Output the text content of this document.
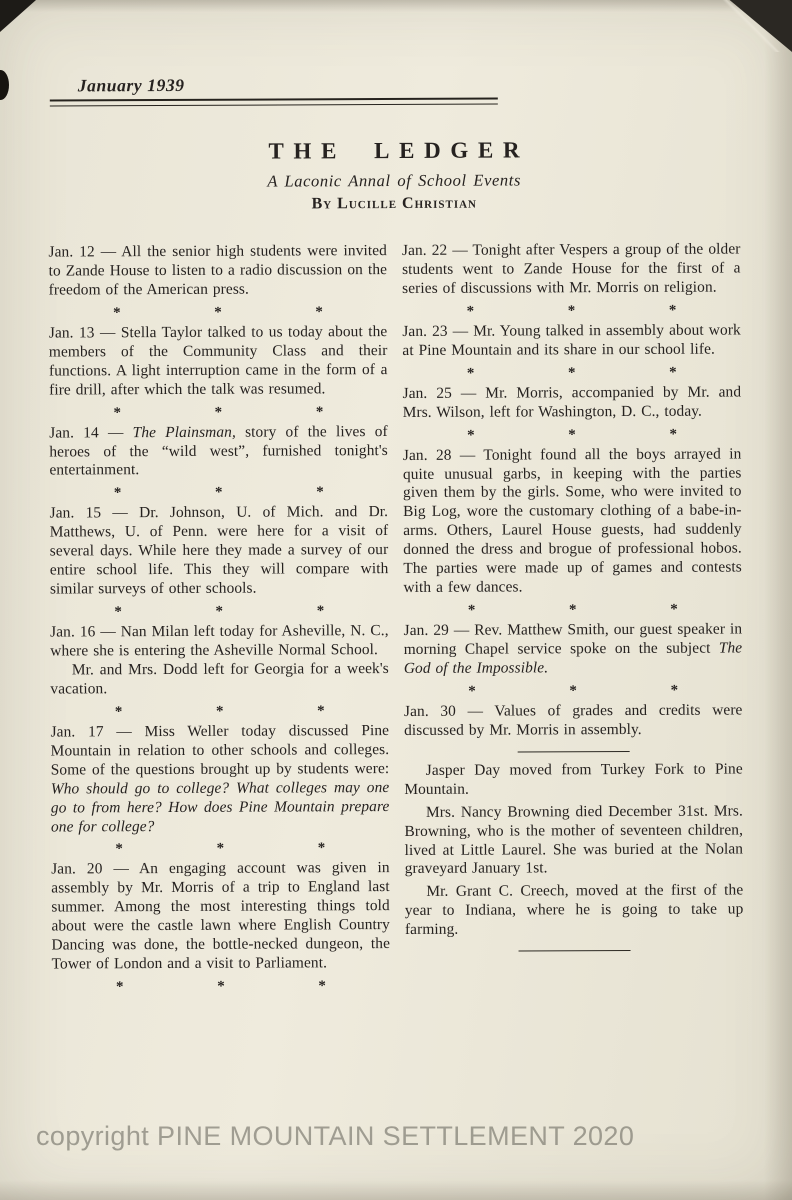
January 1939
THE LEDGER
A Laconic Annal of School Events
By Lucille Christian

Jan. 12 — All the senior high students were invited to Zande House to listen to a radio discussion on the freedom of the American press.

*	*	*

Jan. 13 — Stella Taylor talked to us today about the members of the Community Class and their functions. A light interruption came in the form of a fire drill, after which the talk was resumed.

*	*	*

Jan. 14 — The Plainsman, story of the lives of heroes of the “wild west”, furnished tonight's entertainment.

*	*	*

Jan. 15 — Dr. Johnson, U. of Mich. and Dr. Matthews, U. of Penn. were here for a visit of several days. While here they made a survey of our entire school life. This they will compare with similar surveys of other schools.

*	*	*

Jan. 16 — Nan Milan left today for Asheville, N. C., where she is entering the Asheville Normal School.

Mr. and Mrs. Dodd left for Georgia for a week's vacation.

*	*	*

Jan. 17 — Miss Weller today discussed Pine Mountain in relation to other schools and colleges. Some of the questions brought up by students were: Who should go to college? What colleges may one go to from here? How does Pine Mountain prepare one for college?

*	*	*

Jan. 20 — An engaging account was given in assembly by Mr. Morris of a trip to England last summer. Among the most interesting things told about were the castle lawn where English Country Dancing was done, the bottle-necked dungeon, the Tower of London and a visit to Parliament.

*	*	*

Jan. 22 — Tonight after Vespers a group of the older students went to Zande House for the first of a series of discussions with Mr. Morris on religion.

*	*	*

Jan. 23 — Mr. Young talked in assembly about work at Pine Mountain and its share in our school life.

*	*	*

Jan. 25 — Mr. Morris, accompanied by Mr. and Mrs. Wilson, left for Washington, D. C., today.

*	*	*

Jan. 28 — Tonight found all the boys arrayed in quite unusual garbs, in keeping with the parties given them by the girls. Some, who were invited to Big Log, wore the customary clothing of a babe-in-arms. Others, Laurel House guests, had suddenly donned the dress and brogue of professional hobos. The parties were made up of games and contests with a few dances.

*	*	*

Jan. 29 — Rev. Matthew Smith, our guest speaker in morning Chapel service spoke on the subject The God of the Impossible.

*	*	*

Jan. 30 — Values of grades and credits were discussed by Mr. Morris in assembly.

Jasper Day moved from Turkey Fork to Pine Mountain.

Mrs. Nancy Browning died December 31st. Mrs. Browning, who is the mother of seventeen children, lived at Little Laurel. She was buried at the Nolan graveyard January 1st.

Mr. Grant C. Creech, moved at the first of the year to Indiana, where he is going to take up farming.

copyright PINE MOUNTAIN SETTLEMENT 2020
